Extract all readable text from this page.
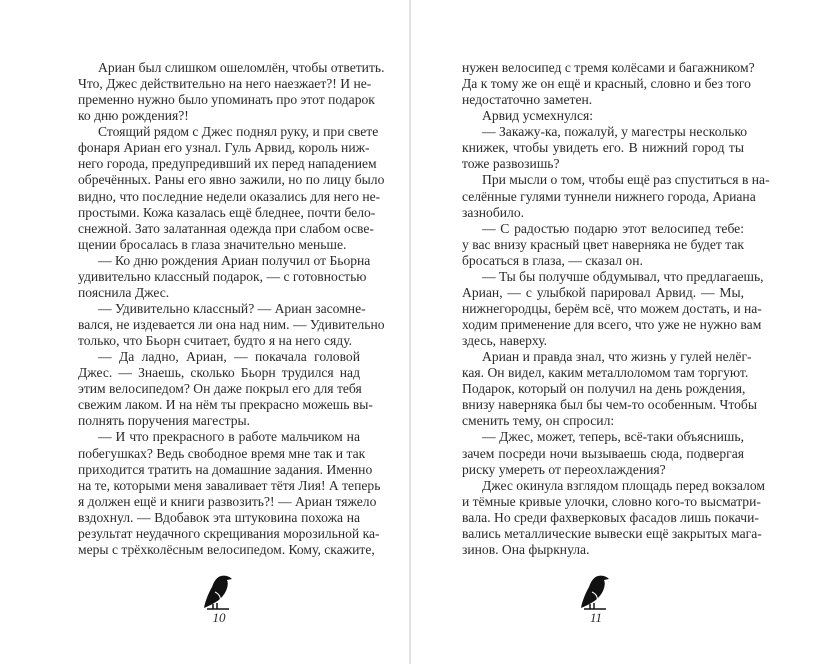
Ариан был слишком ошеломлён, чтобы ответить.
Что, Джес действительно на него наезжает?! И не-
пременно нужно было упоминать про этот подарок
ко дню рождения?!
Стоящий рядом с Джес поднял руку, и при свете
фонаря Ариан его узнал. Гуль Арвид, король ниж-
него города, предупредивший их перед нападением
обречённых. Раны его явно зажили, но по лицу было
видно, что последние недели оказались для него не-
простыми. Кожа казалась ещё бледнее, почти бело-
снежной. Зато залатанная одежда при слабом осве-
щении бросалась в глаза значительно меньше.
— Ко дню рождения Ариан получил от Бьорна
удивительно классный подарок, — с готовностью
пояснила Джес.
— Удивительно классный? — Ариан засомне-
вался, не издевается ли она над ним. — Удивительно
только, что Бьорн считает, будто я на него сяду.
— Да ладно, Ариан, — покачала головой
Джес. — Знаешь, сколько Бьорн трудился над
этим велосипедом? Он даже покрыл его для тебя
свежим лаком. И на нём ты прекрасно можешь вы-
полнять поручения магестры.
— И что прекрасного в работе мальчиком на
побегушках? Ведь свободное время мне так и так
приходится тратить на домашние задания. Именно
на те, которыми меня заваливает тётя Лия! А теперь
я должен ещё и книги развозить?! — Ариан тяжело
вздохнул. — Вдобавок эта штуковина похожа на
результат неудачного скрещивания морозильной ка-
меры с трёхколёсным велосипедом. Кому, скажите,
10
нужен велосипед с тремя колёсами и багажником?
Да к тому же он ещё и красный, словно и без того
недостаточно заметен.
Арвид усмехнулся:
— Закажу-ка, пожалуй, у магестры несколько
книжек, чтобы увидеть его. В нижний город ты
тоже развозишь?
При мысли о том, чтобы ещё раз спуститься в на-
селённые гулями туннели нижнего города, Ариана
зазнобило.
— С радостью подарю этот велосипед тебе:
у вас внизу красный цвет наверняка не будет так
бросаться в глаза, — сказал он.
— Ты бы получше обдумывал, что предлагаешь,
Ариан, — с улыбкой парировал Арвид. — Мы,
нижнегородцы, берём всё, что можем достать, и на-
ходим применение для всего, что уже не нужно вам
здесь, наверху.
Ариан и правда знал, что жизнь у гулей нелёг-
кая. Он видел, каким металлоломом там торгуют.
Подарок, который он получил на день рождения,
внизу наверняка был бы чем-то особенным. Чтобы
сменить тему, он спросил:
— Джес, может, теперь, всё-таки объяснишь,
зачем посреди ночи вызываешь сюда, подвергая
риску умереть от переохлаждения?
Джес окинула взглядом площадь перед вокзалом
и тёмные кривые улочки, словно кого-то высматри-
вала. Но среди фахверковых фасадов лишь покачи-
вались металлические вывески ещё закрытых мага-
зинов. Она фыркнула.
11
